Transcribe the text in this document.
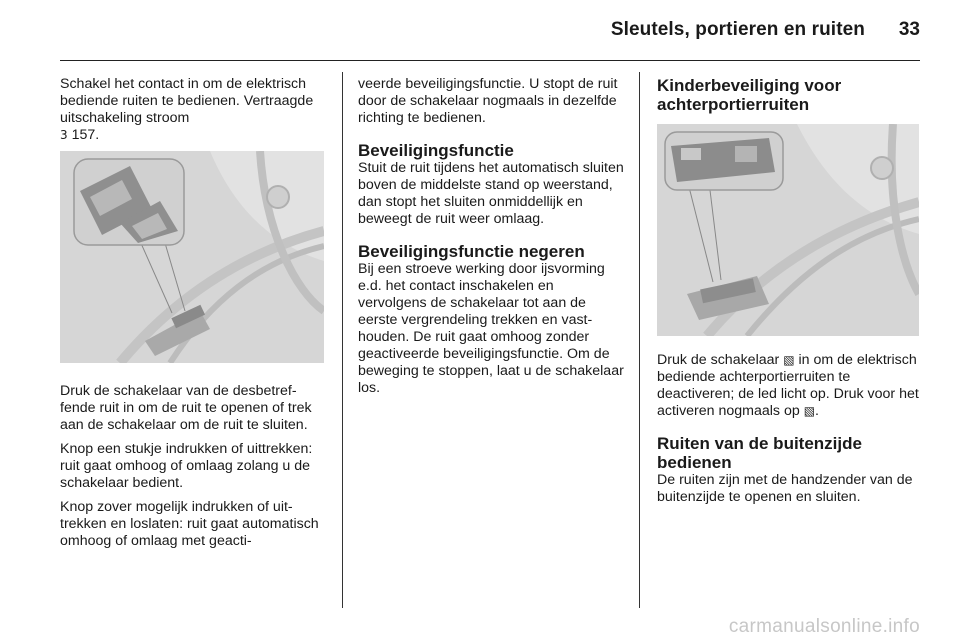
Sleutels, portieren en ruiten 33

Schakel het contact in om de elektrisch bediende ruiten te bedienen. Vertraagde uitschakeling stroom
3 157.

Druk de schakelaar van de desbetreffende ruit in om de ruit te openen of trek aan de schakelaar om de ruit te sluiten.

Knop een stukje indrukken of uittrekken: ruit gaat omhoog of omlaag zolang u de schakelaar bedient.

Knop zover mogelijk indrukken of uittrekken en loslaten: ruit gaat automatisch omhoog of omlaag met geacti-

veerde beveiligingsfunctie. U stopt de ruit door de schakelaar nogmaals in dezelfde richting te bedienen.

Beveiligingsfunctie

Stuit de ruit tijdens het automatisch sluiten boven de middelste stand op weerstand, dan stopt het sluiten onmiddellijk en beweegt de ruit weer omlaag.

Beveiligingsfunctie negeren

Bij een stroeve werking door ijsvorming e.d. het contact inschakelen en vervolgens de schakelaar tot aan de eerste vergrendeling trekken en vasthouden. De ruit gaat omhoog zonder geactiveerde beveiligingsfunctie. Om de beweging te stoppen, laat u de schakelaar los.

Kinderbeveiliging voor achterportierruiten

Druk de schakelaar ▧ in om de elektrisch bediende achterportierruiten te deactiveren; de led licht op. Druk voor het activeren nogmaals op ▧.

Ruiten van de buitenzijde bedienen

De ruiten zijn met de handzender van de buitenzijde te openen en sluiten.

carmanualsonline.info
